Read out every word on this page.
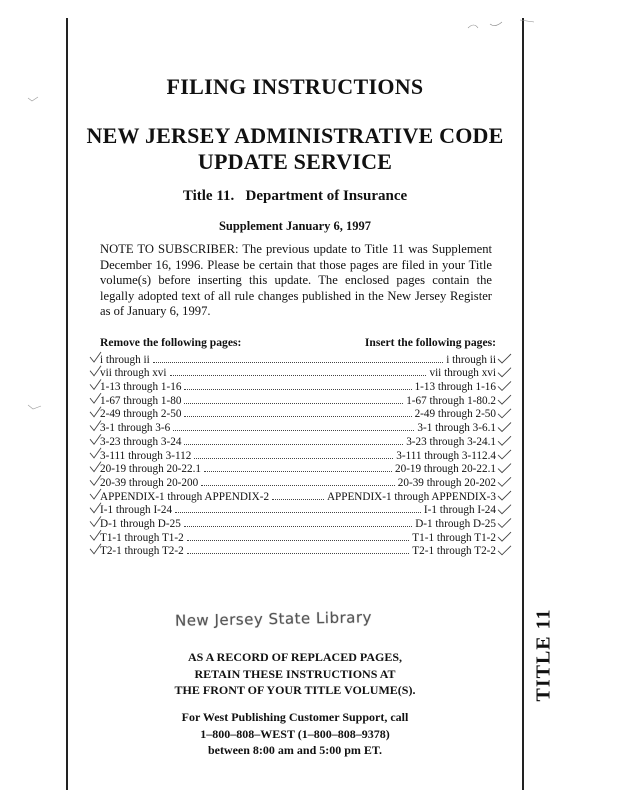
FILING INSTRUCTIONS
NEW JERSEY ADMINISTRATIVE CODE
UPDATE SERVICE
Title 11.   Department of Insurance
Supplement January 6, 1997
NOTE TO SUBSCRIBER: The previous update to Title 11 was Supplement December 16, 1996. Please be certain that those pages are filed in your Title volume(s) before inserting this update. The enclosed pages contain the legally adopted text of all rule changes published in the New Jersey Register as of January 6, 1997.
Remove the following pages:	Insert the following pages:
i through ii	i through ii
vii through xvi	vii through xvi
1-13 through 1-16	1-13 through 1-16
1-67 through 1-80	1-67 through 1-80.2
2-49 through 2-50	2-49 through 2-50
3-1 through 3-6	3-1 through 3-6.1
3-23 through 3-24	3-23 through 3-24.1
3-111 through 3-112	3-111 through 3-112.4
20-19 through 20-22.1	20-19 through 20-22.1
20-39 through 20-200	20-39 through 20-202
APPENDIX-1 through APPENDIX-2	APPENDIX-1 through APPENDIX-3
I-1 through I-24	I-1 through I-24
D-1 through D-25	D-1 through D-25
T1-1 through T1-2	T1-1 through T1-2
T2-1 through T2-2	T2-1 through T2-2
New Jersey State Library
AS A RECORD OF REPLACED PAGES,
RETAIN THESE INSTRUCTIONS AT
THE FRONT OF YOUR TITLE VOLUME(S).
For West Publishing Customer Support, call
1–800–808–WEST (1–800–808–9378)
between 8:00 am and 5:00 pm ET.
TITLE 11
